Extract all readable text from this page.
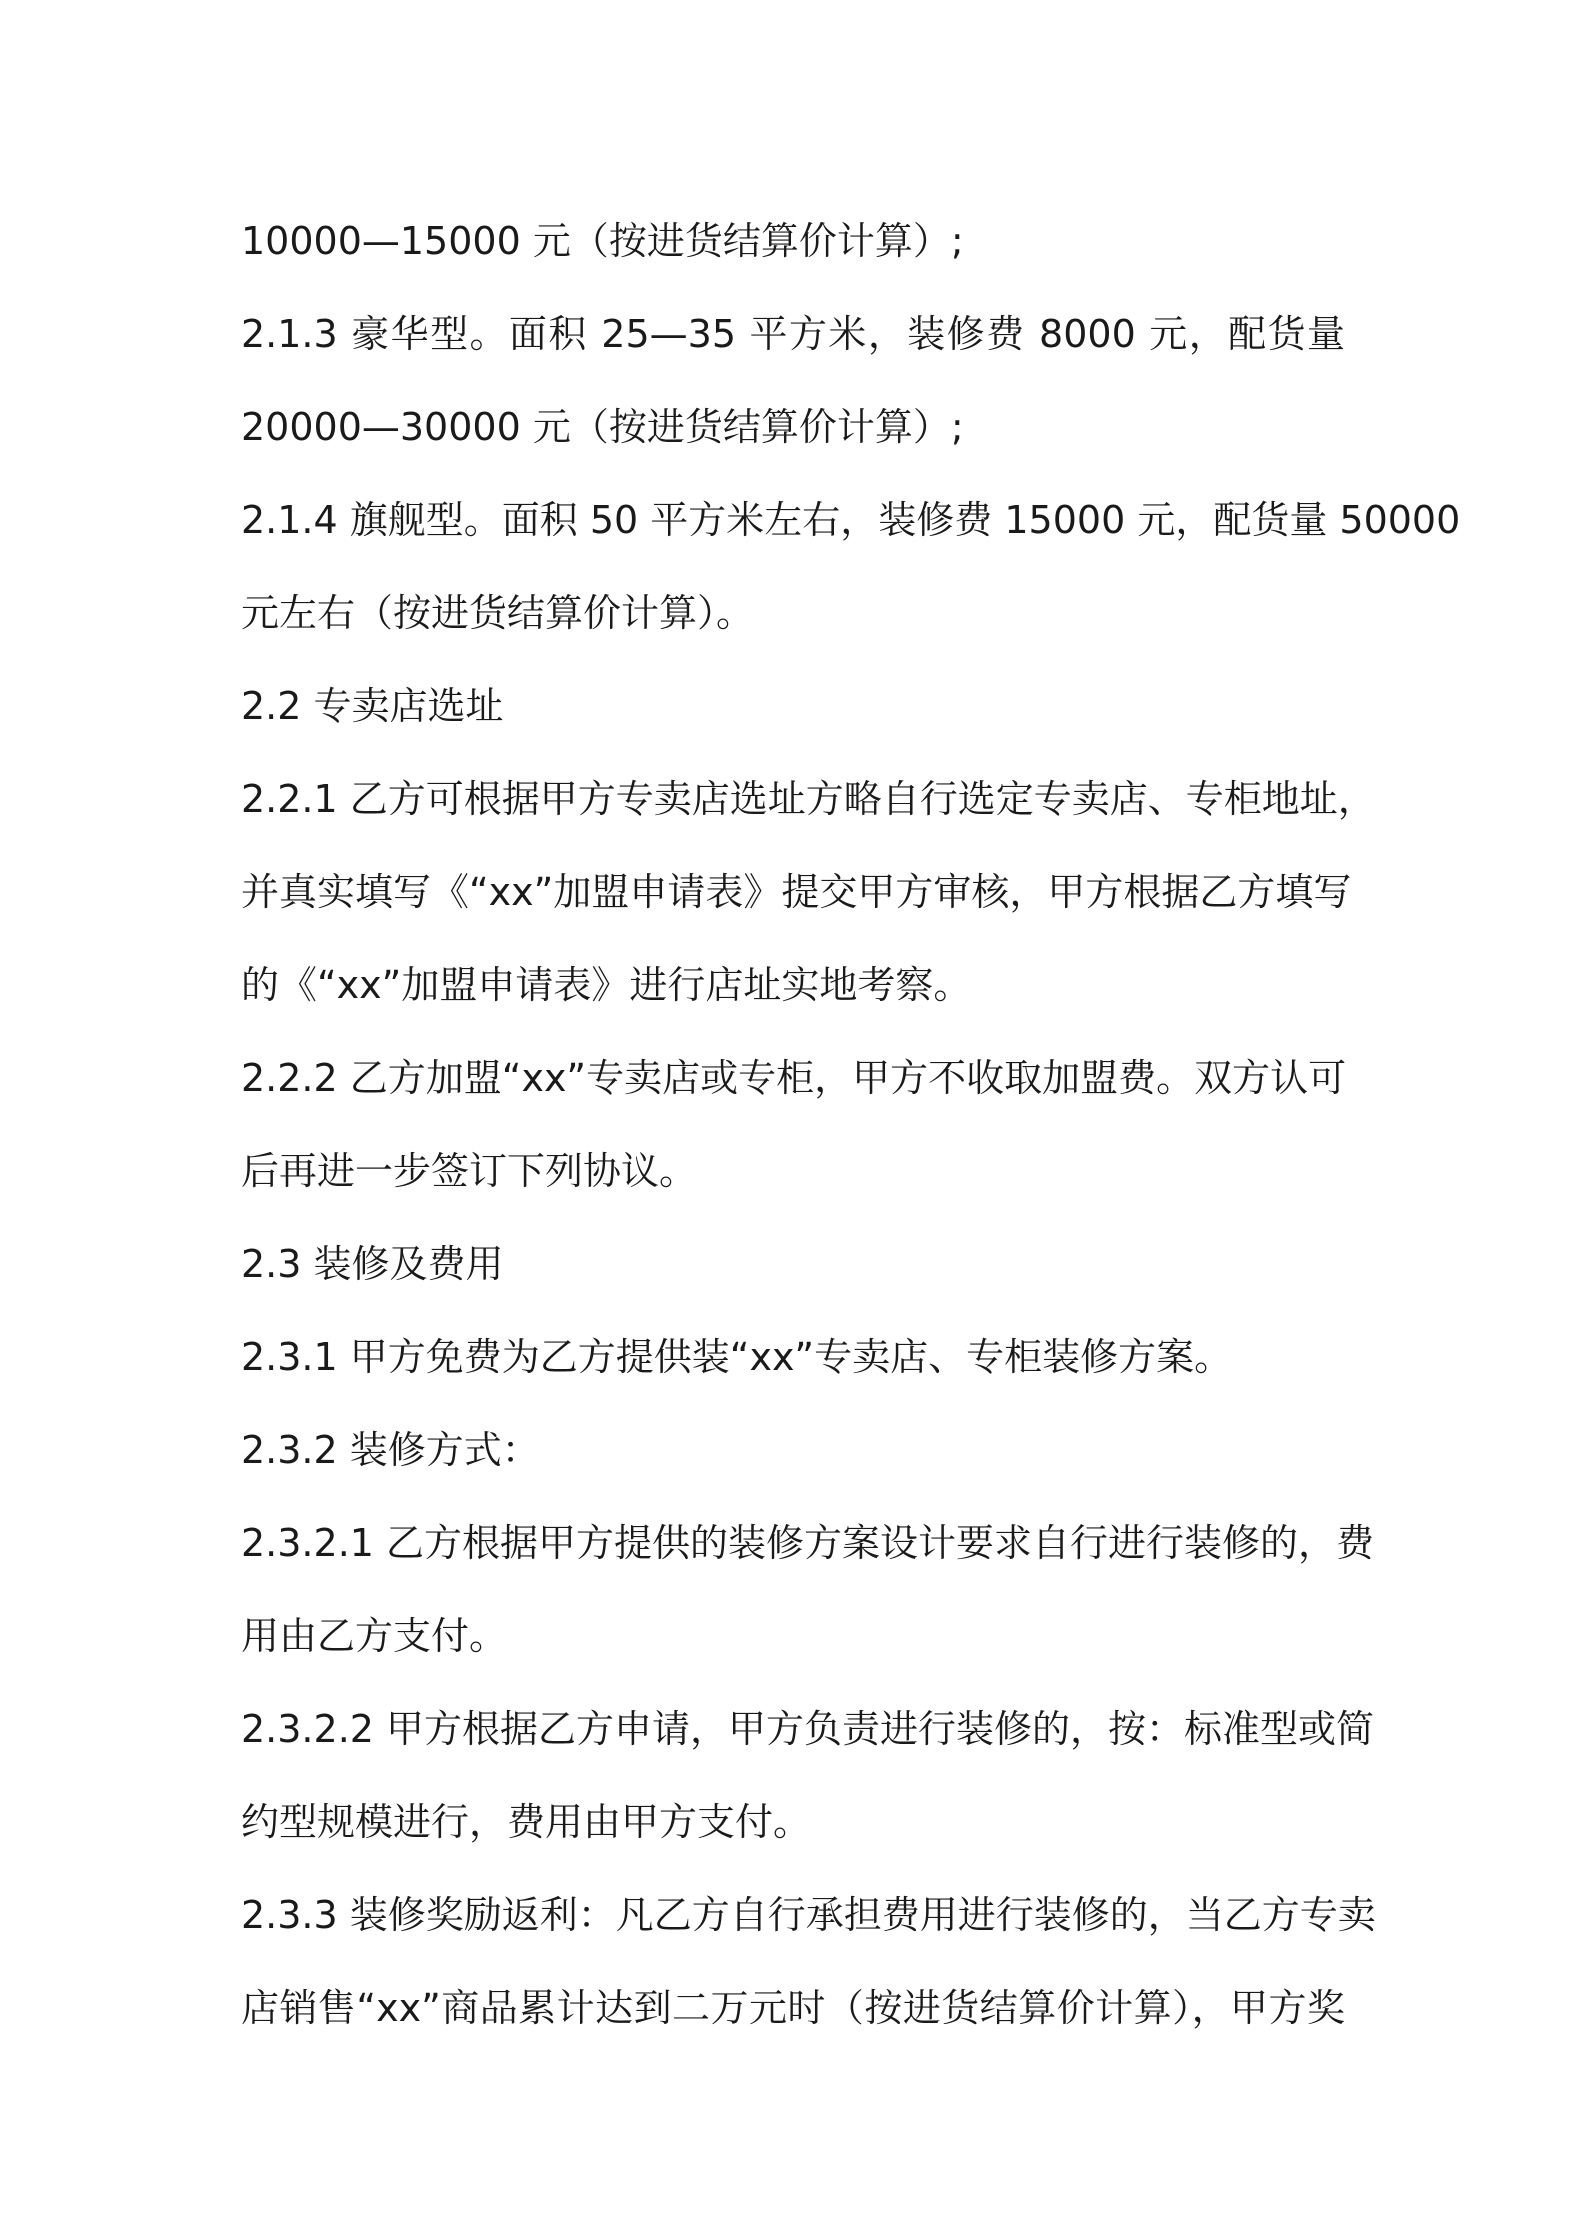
10000—15000 元（按进货结算价计算）;
2.1.3 豪华型。面积 25—35 平方米，装修费 8000 元，配货量
20000—30000 元（按进货结算价计算）;
2.1.4 旗舰型。面积 50 平方米左右，装修费 15000 元，配货量 50000
元左右（按进货结算价计算）。
2.2 专卖店选址
2.2.1 乙方可根据甲方专卖店选址方略自行选定专卖店、专柜地址，
并真实填写《“xx”加盟申请表》提交甲方审核，甲方根据乙方填写
的《“xx”加盟申请表》进行店址实地考察。
2.2.2 乙方加盟“xx”专卖店或专柜，甲方不收取加盟费。双方认可
后再进一步签订下列协议。
2.3 装修及费用
2.3.1 甲方免费为乙方提供装“xx”专卖店、专柜装修方案。
2.3.2 装修方式：
2.3.2.1 乙方根据甲方提供的装修方案设计要求自行进行装修的，费
用由乙方支付。
2.3.2.2 甲方根据乙方申请，甲方负责进行装修的，按：标准型或简
约型规模进行，费用由甲方支付。
2.3.3 装修奖励返利：凡乙方自行承担费用进行装修的，当乙方专卖
店销售“xx”商品累计达到二万元时（按进货结算价计算），甲方奖
